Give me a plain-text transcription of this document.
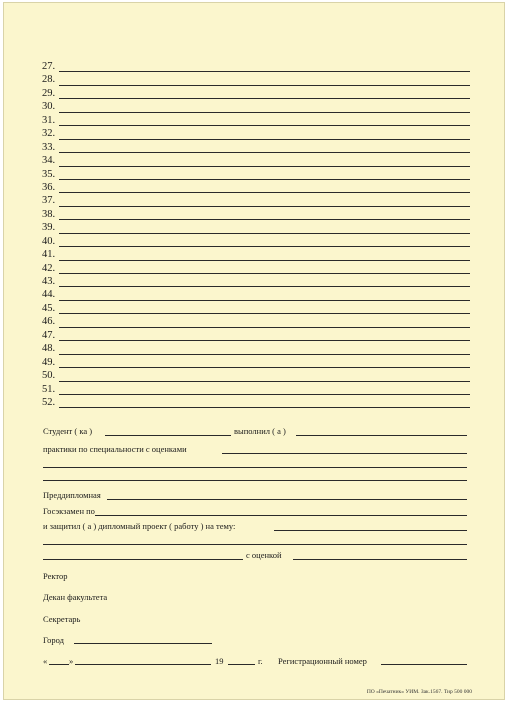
27.
28.
29.
30.
31.
32.
33.
34.
35.
36.
37.
38.
39.
40.
41.
42.
43.
44.
45.
46.
47.
48.
49.
50.
51.
52.
Студент ( ка )	выполнил ( а )
практики по специальности с оценками
Преддипломная
Госэкзамен по
и защитил ( а ) дипломный проект ( работу ) на тему:
с оценкой
Ректор
Декан факультета
Секретарь
Город
«	»	19	г. Регистрационный номер
ПО «Печатник» УИМ. Зак.1567. Тир 500 000
